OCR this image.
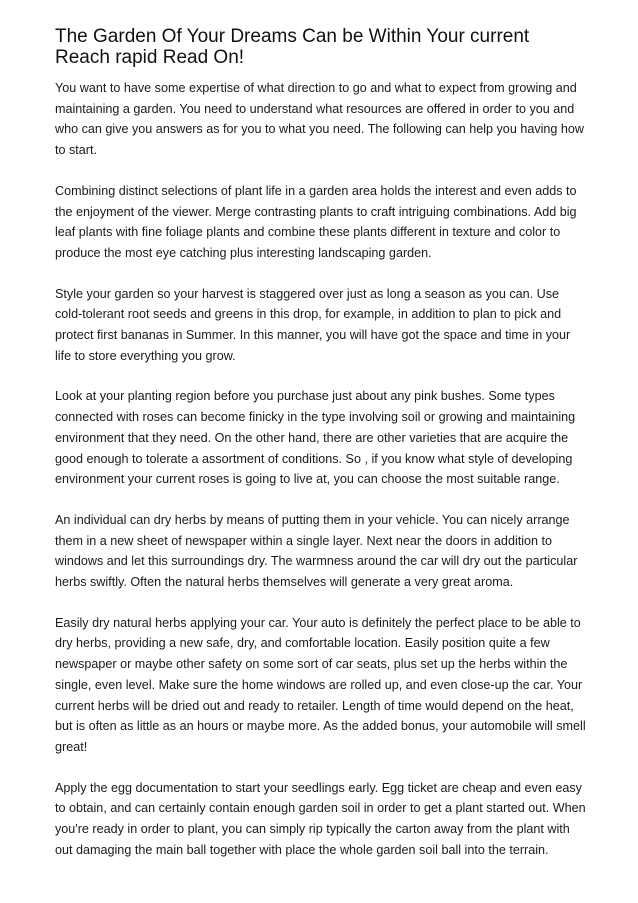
The Garden Of Your Dreams Can be Within Your current Reach rapid Read On!

You want to have some expertise of what direction to go and what to expect from growing and maintaining a garden. You need to understand what resources are offered in order to you and who can give you answers as for you to what you need. The following can help you having how to start.

Combining distinct selections of plant life in a garden area holds the interest and even adds to the enjoyment of the viewer. Merge contrasting plants to craft intriguing combinations. Add big leaf plants with fine foliage plants and combine these plants different in texture and color to produce the most eye catching plus interesting landscaping garden.

Style your garden so your harvest is staggered over just as long a season as you can. Use cold-tolerant root seeds and greens in this drop, for example, in addition to plan to pick and protect first bananas in Summer. In this manner, you will have got the space and time in your life to store everything you grow.

Look at your planting region before you purchase just about any pink bushes. Some types connected with roses can become finicky in the type involving soil or growing and maintaining environment that they need. On the other hand, there are other varieties that are acquire the good enough to tolerate a assortment of conditions. So , if you know what style of developing environment your current roses is going to live at, you can choose the most suitable range.

An individual can dry herbs by means of putting them in your vehicle. You can nicely arrange them in a new sheet of newspaper within a single layer. Next near the doors in addition to windows and let this surroundings dry. The warmness around the car will dry out the particular herbs swiftly. Often the natural herbs themselves will generate a very great aroma.

Easily dry natural herbs applying your car. Your auto is definitely the perfect place to be able to dry herbs, providing a new safe, dry, and comfortable location. Easily position quite a few newspaper or maybe other safety on some sort of car seats, plus set up the herbs within the single, even level. Make sure the home windows are rolled up, and even close-up the car. Your current herbs will be dried out and ready to retailer. Length of time would depend on the heat, but is often as little as an hours or maybe more. As the added bonus, your automobile will smell great!

Apply the egg documentation to start your seedlings early. Egg ticket are cheap and even easy to obtain, and can certainly contain enough garden soil in order to get a plant started out. When you're ready in order to plant, you can simply rip typically the carton away from the plant with out damaging the main ball together with place the whole garden soil ball into the terrain.
